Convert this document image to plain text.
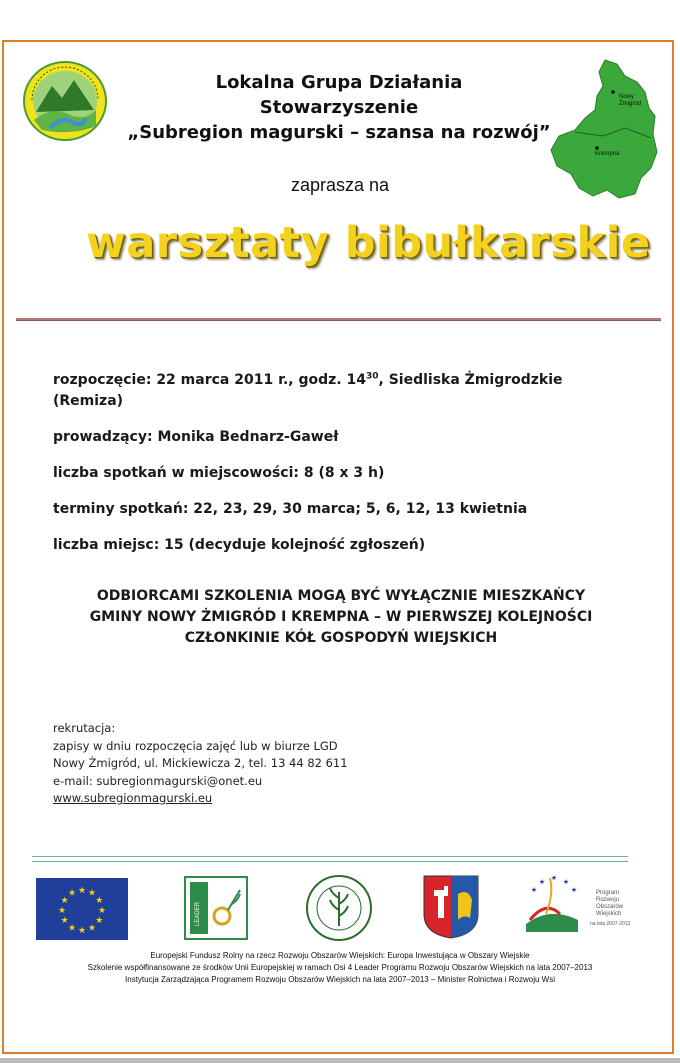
Nowy
Żmigród
Krempna
Lokalna Grupa Działania
Stowarzyszenie
„Subregion magurski – szansa na rozwój”
zaprasza na
warsztaty bibułkarskie
rozpoczęcie: 22 marca 2011 r., godz. $14^{30}$, Siedliska Żmigrodzkie
(Remiza)
prowadzący: Monika Bednarz-Gaweł
liczba spotkań w miejscowości: 8 (8 x 3 h)
terminy spotkań: 22, 23, 29, 30 marca; 5, 6, 12, 13 kwietnia
liczba miejsc: 15 (decyduje kolejność zgłoszeń)
ODBIORCAMI SZKOLENIA MOGĄ BYĆ WYŁĄCZNIE MIESZKAŃCY
GMINY NOWY ŻMIGRÓD I KREMPNA – W PIERWSZEJ KOLEJNOŚCI
CZŁONKINIE KÓŁ GOSPODYŃ WIEJSKICH
rekrutacja:
zapisy w dniu rozpoczęcia zajęć lub w biurze LGD
Nowy Żmigród, ul. Mickiewicza 2, tel. 13 44 82 611
e-mail: subregionmagurski@onet.eu
www.subregionmagurski.eu
★ ★
★
★
★
★
★
★
★
★
★
★
LEADER
★
★ ★ ★
★	Program
Rozwoju
Obszarów
Wiejskich
na lata 2007-2013
Europejski Fundusz Rolny na rzecz Rozwoju Obszarów Wiejskich: Europa Inwestująca w Obszary Wiejskie
Szkolenie współfinansowane ze środków Unii Europejskiej w ramach Osi 4 Leader Programu Rozwoju Obszarów Wiejskich na lata 2007–2013
Instytucja Zarządzająca Programem Rozwoju Obszarów Wiejskich na lata 2007–2013 – Minister Rolnictwa i Rozwoju Wsi
